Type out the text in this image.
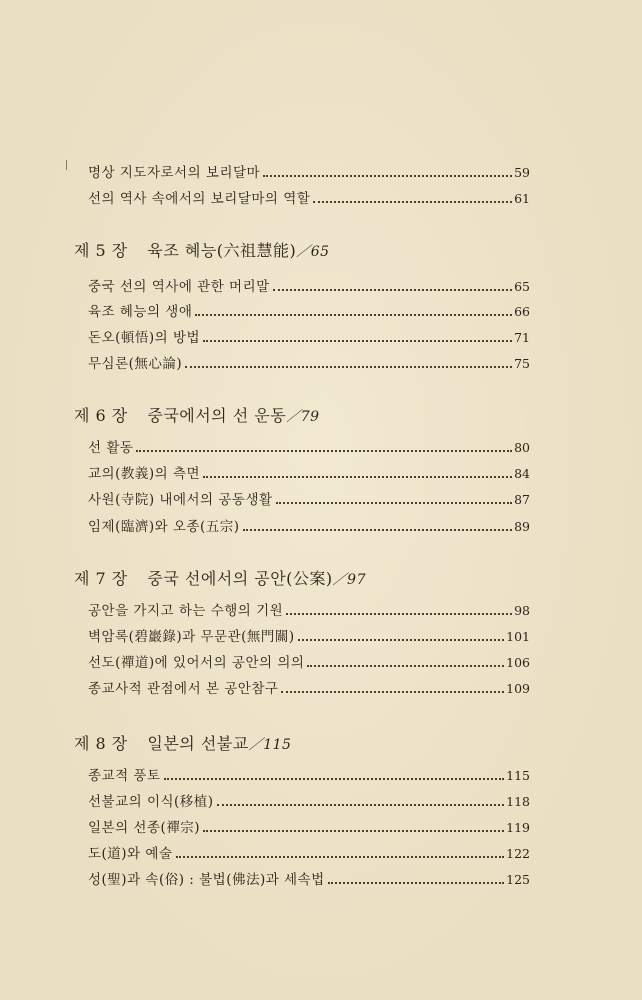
명상 지도자로서의 보리달마	59
선의 역사 속에서의 보리달마의 역할	61
제 5 장 육조 혜능(六祖慧能)／65
중국 선의 역사에 관한 머리말	65
육조 혜능의 생애	66
돈오(頓悟)의 방법	71
무심론(無心論)	75
제 6 장 중국에서의 선 운동／79
선 활동	80
교의(教義)의 측면	84
사원(寺院) 내에서의 공동생활	87
임제(臨濟)와 오종(五宗)	89
제 7 장 중국 선에서의 공안(公案)／97
공안을 가지고 하는 수행의 기원	98
벽암록(碧巖錄)과 무문관(無門關)	101
선도(禪道)에 있어서의 공안의 의의	106
종교사적 관점에서 본 공안참구	109
제 8 장 일본의 선불교／115
종교적 풍토	115
선불교의 이식(移植)	118
일본의 선종(禪宗)	119
도(道)와 예술	122
성(聖)과 속(俗) : 불법(佛法)과 세속법	125
